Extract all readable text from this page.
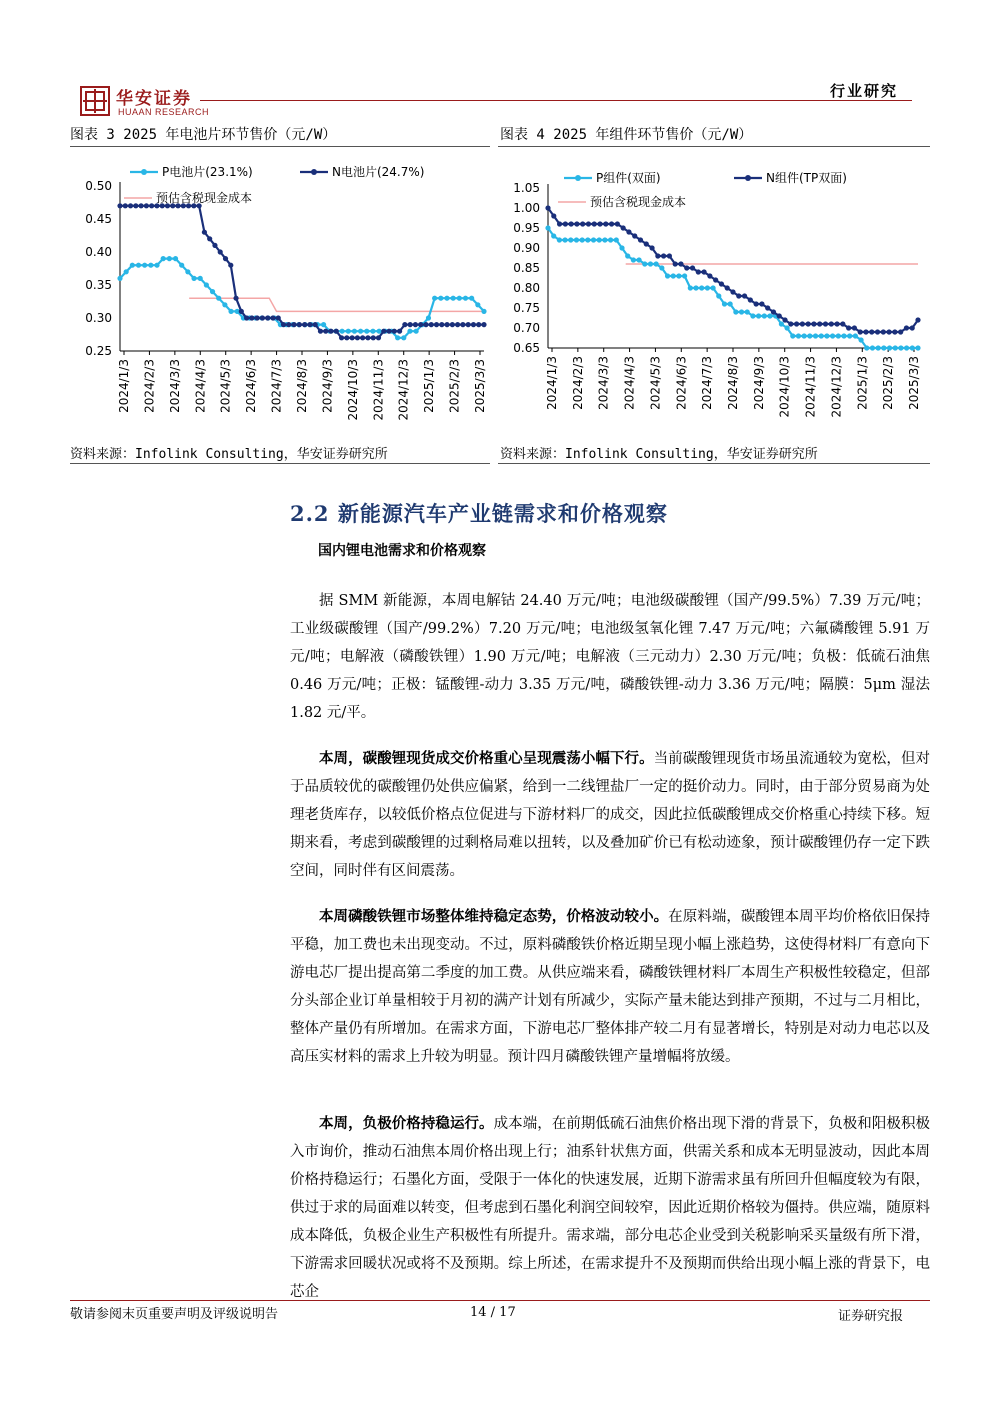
华安证券
HUAAN RESEARCH
行业研究
图表 3 2025 年电池片环节售价（元/W）	图表 4 2025 年组件环节售价（元/W）
0.25
0.30
0.35
0.40
0.45
0.50
2024/1/3 2024/2/3 2024/3/3 2024/4/3 2024/5/3 2024/6/3 2024/7/3 2024/8/3 2024/9/3 2024/10/3 2024/11/3 2024/12/3 2025/1/3 2025/2/3 2025/3/3
P电池片(23.1%)	N电池片(24.7%)
预估含税现金成本
0.65
0.70
0.75
0.80
0.85
0.90
0.95
1.00
1.05
2024/1/3 2024/2/3 2024/3/3 2024/4/3 2024/5/3 2024/6/3 2024/7/3 2024/8/3 2024/9/3 2024/10/3 2024/11/3 2024/12/3 2025/1/3 2025/2/3 2025/3/3
P组件(双面)	N组件(TP双面)
预估含税现金成本
资料来源：Infolink Consulting，华安证券研究所	资料来源：Infolink Consulting，华安证券研究所
2.2 新能源汽车产业链需求和价格观察
国内锂电池需求和价格观察
据 SMM 新能源，本周电解钴 24.40 万元/吨；电池级碳酸锂（国产/99.5%）7.39 万元/吨；工业级碳酸锂（国产/99.2%）7.20 万元/吨；电池级氢氧化锂 7.47 万元/吨；六氟磷酸锂 5.91 万元/吨；电解液（磷酸铁锂）1.90 万元/吨；电解液（三元动力）2.30 万元/吨；负极：低硫石油焦 0.46 万元/吨；正极：锰酸锂-动力 3.35 万元/吨，磷酸铁锂-动力 3.36 万元/吨；隔膜：5μm 湿法 1.82 元/平。
本周，碳酸锂现货成交价格重心呈现震荡小幅下行。当前碳酸锂现货市场虽流通较为宽松，但对于品质较优的碳酸锂仍处供应偏紧，给到一二线锂盐厂一定的挺价动力。同时，由于部分贸易商为处理老货库存，以较低价格点位促进与下游材料厂的成交，因此拉低碳酸锂成交价格重心持续下移。短期来看，考虑到碳酸锂的过剩格局难以扭转，以及叠加矿价已有松动迹象，预计碳酸锂仍存一定下跌空间，同时伴有区间震荡。
本周磷酸铁锂市场整体维持稳定态势，价格波动较小。在原料端，碳酸锂本周平均价格依旧保持平稳，加工费也未出现变动。不过，原料磷酸铁价格近期呈现小幅上涨趋势，这使得材料厂有意向下游电芯厂提出提高第二季度的加工费。从供应端来看，磷酸铁锂材料厂本周生产积极性较稳定，但部分头部企业订单量相较于月初的满产计划有所减少，实际产量未能达到排产预期，不过与二月相比，整体产量仍有所增加。在需求方面，下游电芯厂整体排产较二月有显著增长，特别是对动力电芯以及高压实材料的需求上升较为明显。预计四月磷酸铁锂产量增幅将放缓。
本周，负极价格持稳运行。成本端，在前期低硫石油焦价格出现下滑的背景下，负极和阳极积极入市询价，推动石油焦本周价格出现上行；油系针状焦方面，供需关系和成本无明显波动，因此本周价格持稳运行；石墨化方面，受限于一体化的快速发展，近期下游需求虽有所回升但幅度较为有限，供过于求的局面难以转变，但考虑到石墨化利润空间较窄，因此近期价格较为僵持。供应端，随原料成本降低，负极企业生产积极性有所提升。需求端，部分电芯企业受到关税影响采买量级有所下滑，下游需求回暖状况或将不及预期。综上所述，在需求提升不及预期而供给出现小幅上涨的背景下，电芯企
敬请参阅末页重要声明及评级说明告	14 / 17	证券研究报
